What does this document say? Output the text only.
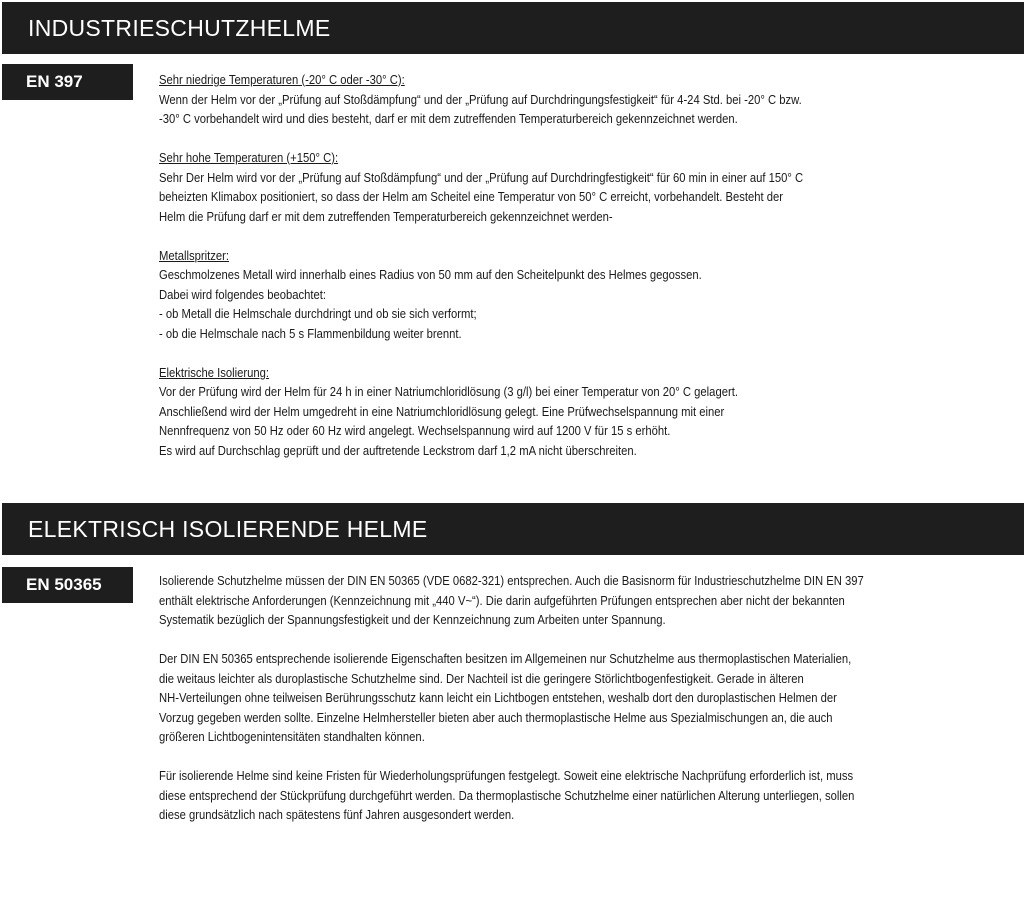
INDUSTRIESCHUTZHELME
EN 397	Sehr niedrige Temperaturen (-20° C oder -30° C):

Wenn der Helm vor der „Prüfung auf Stoßdämpfung“ und der „Prüfung auf Durchdringungsfestigkeit“ für 4-24 Std. bei -20° C bzw.

-30° C vorbehandelt wird und dies besteht, darf er mit dem zutreffenden Temperaturbereich gekennzeichnet werden.

Sehr hohe Temperaturen (+150° C):

Sehr Der Helm wird vor der „Prüfung auf Stoßdämpfung“ und der „Prüfung auf Durchdringfestigkeit“ für 60 min in einer auf 150° C

beheizten Klimabox positioniert, so dass der Helm am Scheitel eine Temperatur von 50° C erreicht, vorbehandelt. Besteht der

Helm die Prüfung darf er mit dem zutreffenden Temperaturbereich gekennzeichnet werden-

Metallspritzer:

Geschmolzenes Metall wird innerhalb eines Radius von 50 mm auf den Scheitelpunkt des Helmes gegossen.

Dabei wird folgendes beobachtet:

- ob Metall die Helmschale durchdringt und ob sie sich verformt;

- ob die Helmschale nach 5 s Flammenbildung weiter brennt.

Elektrische Isolierung:

Vor der Prüfung wird der Helm für 24 h in einer Natriumchloridlösung (3 g/l) bei einer Temperatur von 20° C gelagert.

Anschließend wird der Helm umgedreht in eine Natriumchloridlösung gelegt. Eine Prüfwechselspannung mit einer

Nennfrequenz von 50 Hz oder 60 Hz wird angelegt. Wechselspannung wird auf 1200 V für 15 s erhöht.

Es wird auf Durchschlag geprüft und der auftretende Leckstrom darf 1,2 mA nicht überschreiten.

ELEKTRISCH ISOLIERENDE HELME
EN 50365	Isolierende Schutzhelme müssen der DIN EN 50365 (VDE 0682-321) entsprechen. Auch die Basisnorm für Industrieschutzhelme DIN EN 397

enthält elektrische Anforderungen (Kennzeichnung mit „440 V~“). Die darin aufgeführten Prüfungen entsprechen aber nicht der bekannten

Systematik bezüglich der Spannungsfestigkeit und der Kennzeichnung zum Arbeiten unter Spannung.

Der DIN EN 50365 entsprechende isolierende Eigenschaften besitzen im Allgemeinen nur Schutzhelme aus thermoplastischen Materialien,

die weitaus leichter als duroplastische Schutzhelme sind. Der Nachteil ist die geringere Störlichtbogenfestigkeit. Gerade in älteren

NH-Verteilungen ohne teilweisen Berührungsschutz kann leicht ein Lichtbogen entstehen, weshalb dort den duroplastischen Helmen der

Vorzug gegeben werden sollte. Einzelne Helmhersteller bieten aber auch thermoplastische Helme aus Spezialmischungen an, die auch

größeren Lichtbogenintensitäten standhalten können.

Für isolierende Helme sind keine Fristen für Wiederholungsprüfungen festgelegt. Soweit eine elektrische Nachprüfung erforderlich ist, muss

diese entsprechend der Stückprüfung durchgeführt werden. Da thermoplastische Schutzhelme einer natürlichen Alterung unterliegen, sollen

diese grundsätzlich nach spätestens fünf Jahren ausgesondert werden.
